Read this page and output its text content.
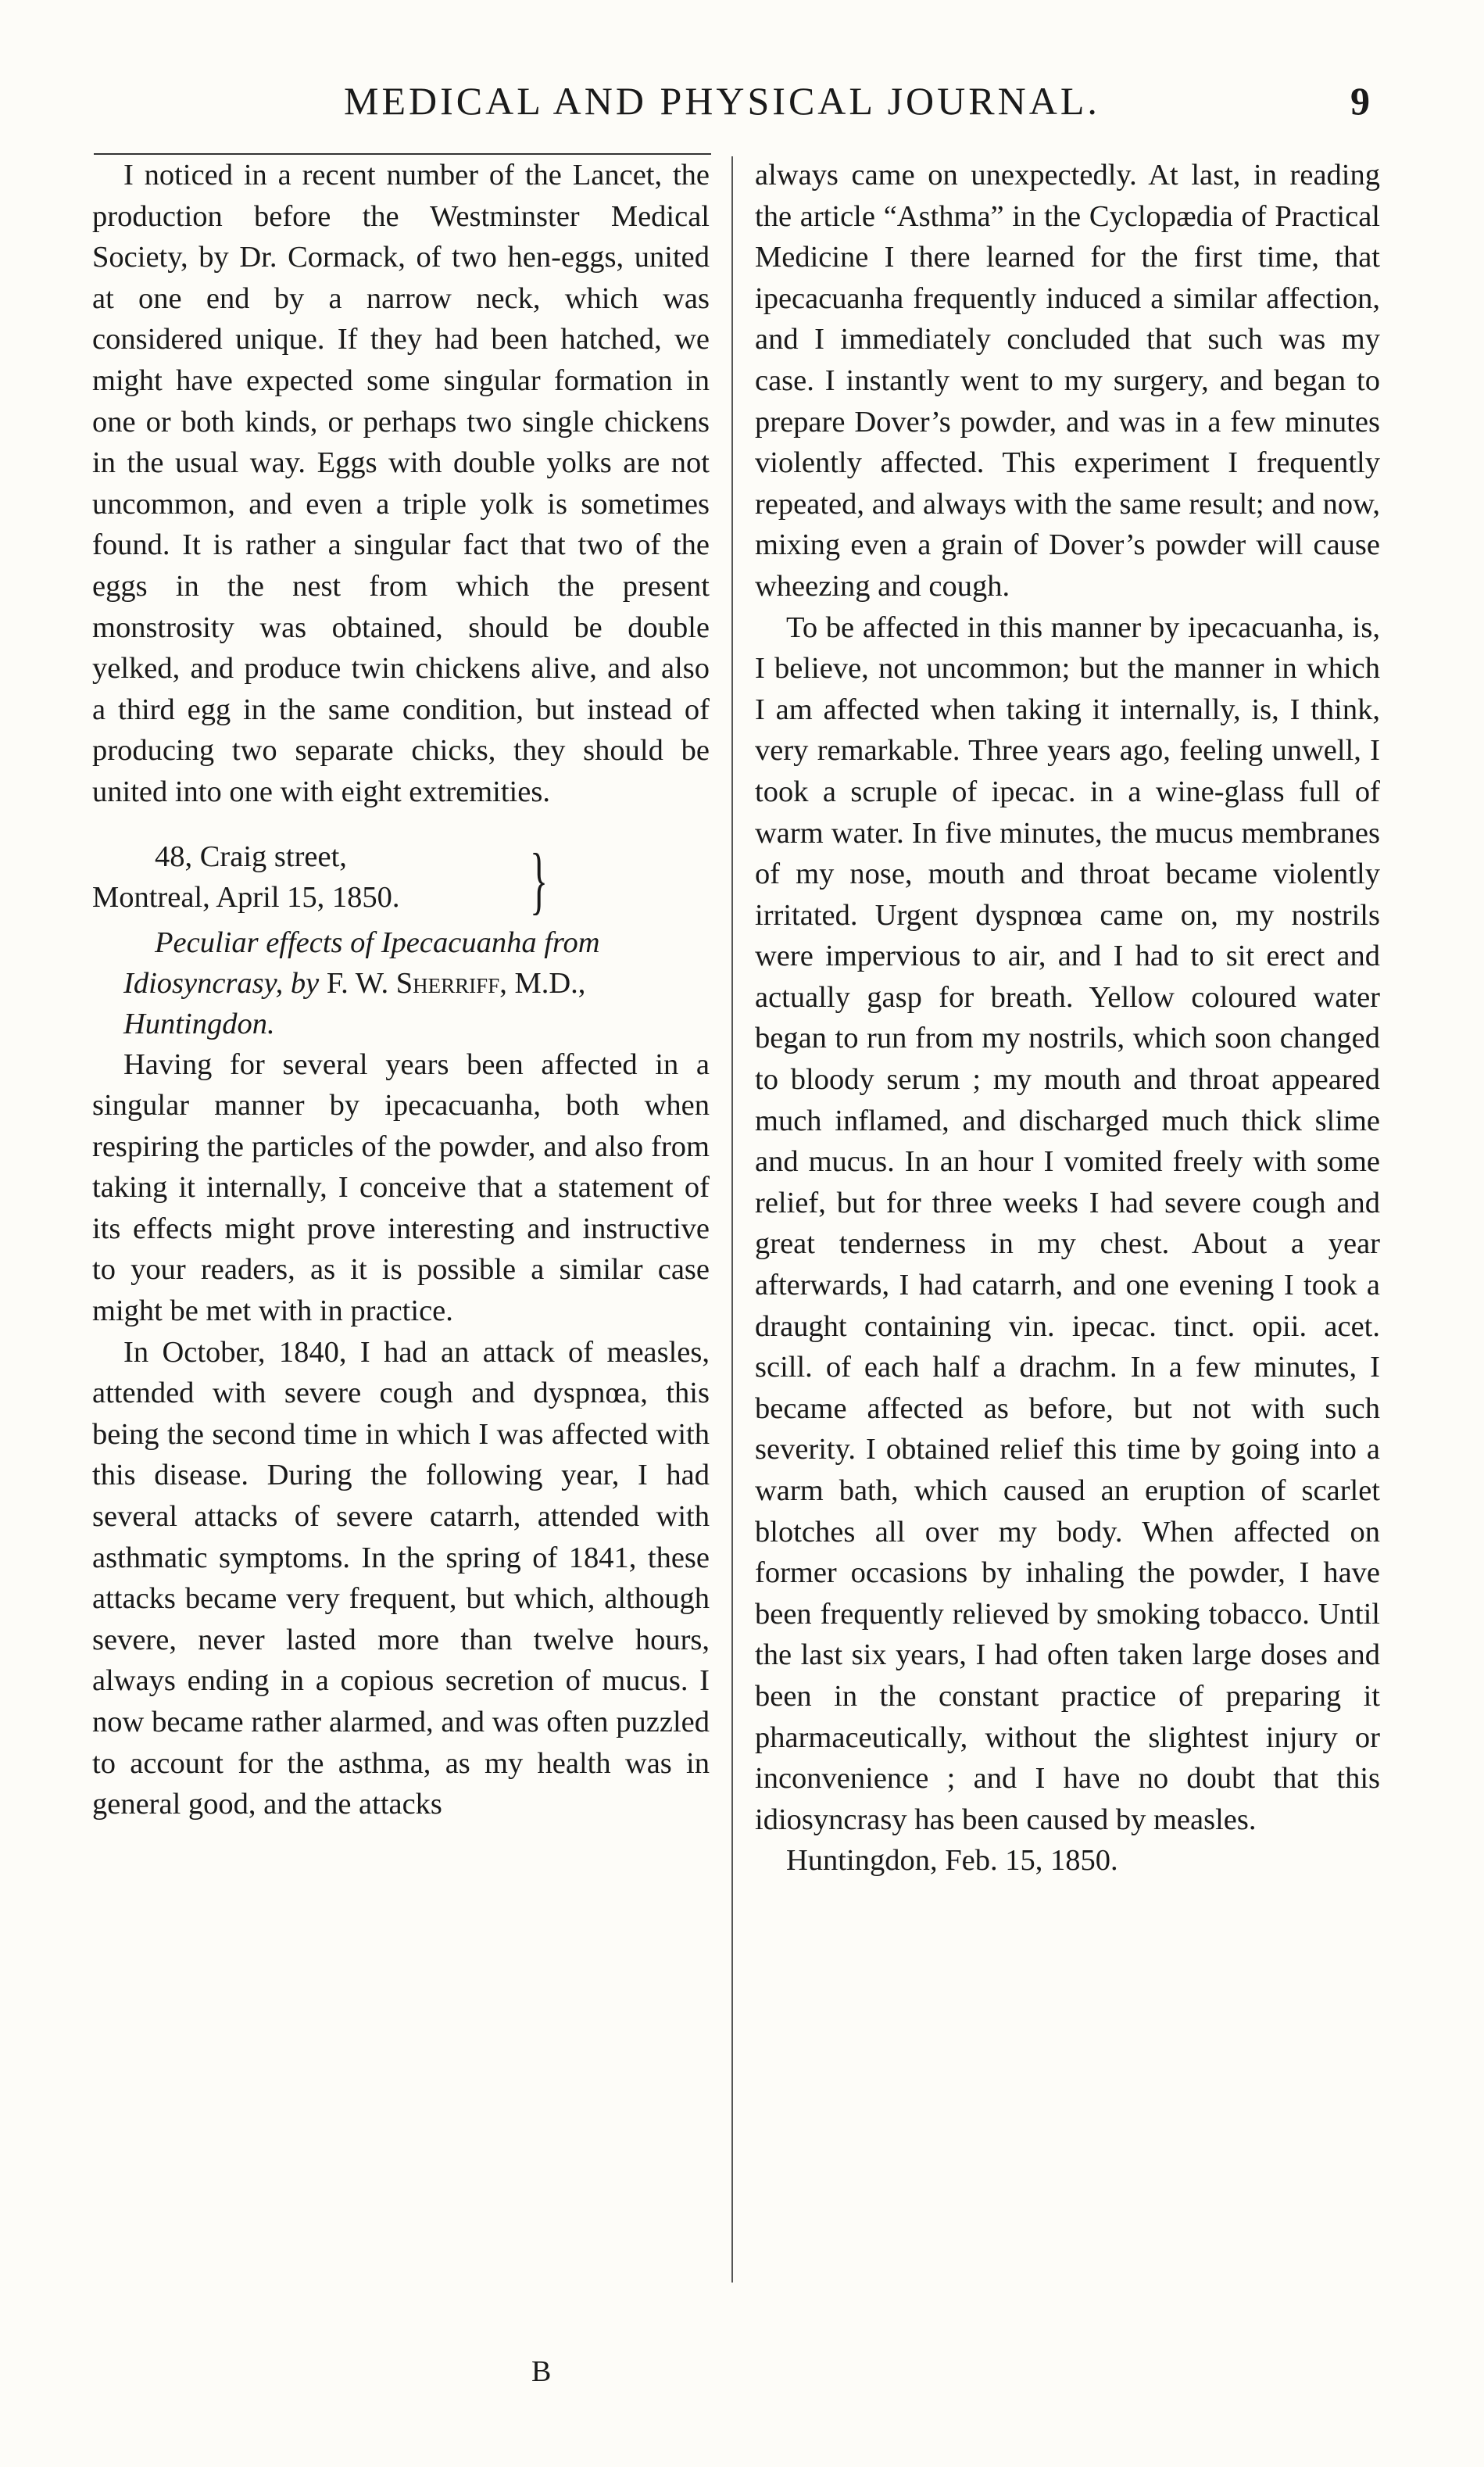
MEDICAL AND PHYSICAL JOURNAL.	9

I noticed in a recent number of the Lancet, the production before the Westminster Medical Society, by Dr. Cormack, of two hen-eggs, united at one end by a narrow neck, which was considered unique. If they had been hatched, we might have expected some singular formation in one or both kinds, or perhaps two single chickens in the usual way. Eggs with double yolks are not uncommon, and even a triple yolk is sometimes found. It is rather a singular fact that two of the eggs in the nest from which the present monstrosity was obtained, should be double yelked, and produce twin chickens alive, and also a third egg in the same condition, but instead of producing two separate chicks, they should be united into one with eight extremities.

48, Craig street,
Montreal, April 15, 1850. }

Peculiar effects of Ipecacuanha from Idiosyncrasy, by F. W. Sherriff, M.D., Huntingdon.

Having for several years been affected in a singular manner by ipecacuanha, both when respiring the particles of the powder, and also from taking it internally, I conceive that a statement of its effects might prove interesting and instructive to your readers, as it is possible a similar case might be met with in practice.

In October, 1840, I had an attack of measles, attended with severe cough and dyspnœa, this being the second time in which I was affected with this disease. During the following year, I had several attacks of severe catarrh, attended with asthmatic symptoms. In the spring of 1841, these attacks became very frequent, but which, although severe, never lasted more than twelve hours, always ending in a copious secretion of mucus. I now became rather alarmed, and was often puzzled to account for the asthma, as my health was in general good, and the attacks

always came on unexpectedly. At last, in reading the article “Asthma” in the Cyclopædia of Practical Medicine I there learned for the first time, that ipecacuanha frequently induced a similar affection, and I immediately concluded that such was my case. I instantly went to my surgery, and began to prepare Dover’s powder, and was in a few minutes violently affected. This experiment I frequently repeated, and always with the same result; and now, mixing even a grain of Dover’s powder will cause wheezing and cough.

To be affected in this manner by ipecacuanha, is, I believe, not uncommon; but the manner in which I am affected when taking it internally, is, I think, very remarkable. Three years ago, feeling unwell, I took a scruple of ipecac. in a wine-glass full of warm water. In five minutes, the mucus membranes of my nose, mouth and throat became violently irritated. Urgent dyspnœa came on, my nostrils were impervious to air, and I had to sit erect and actually gasp for breath. Yellow coloured water began to run from my nostrils, which soon changed to bloody serum ; my mouth and throat appeared much inflamed, and discharged much thick slime and mucus. In an hour I vomited freely with some relief, but for three weeks I had severe cough and great tenderness in my chest. About a year afterwards, I had catarrh, and one evening I took a draught containing vin. ipecac. tinct. opii. acet. scill. of each half a drachm. In a few minutes, I became affected as before, but not with such severity. I obtained relief this time by going into a warm bath, which caused an eruption of scarlet blotches all over my body. When affected on former occasions by inhaling the powder, I have been frequently relieved by smoking tobacco. Until the last six years, I had often taken large doses and been in the constant practice of preparing it pharmaceutically, without the slightest injury or inconvenience ; and I have no doubt that this idiosyncrasy has been caused by measles.

Huntingdon, Feb. 15, 1850.

B
